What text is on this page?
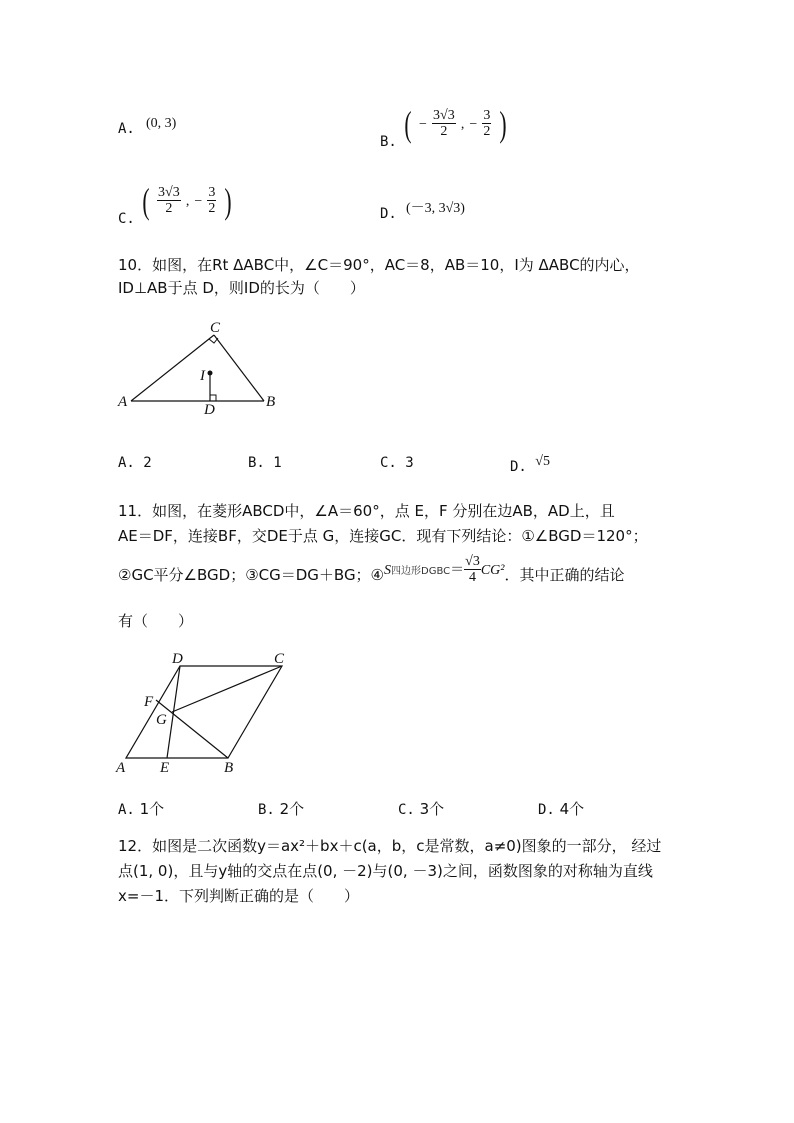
A. (0, 3)
B. ( − $\frac{3√3}{2}$ , − $\frac{3}{2}$ )
C. ( $\frac{3√3}{2}$ , − $\frac{3}{2}$ )	D. (－3, 3√3)
10．如图，在Rt ΔABC中，∠C＝90°，AC＝8，AB＝10，I为 ΔABC的内心，
ID⊥AB于点 D，则ID的长为（　　）
A	B
C
I
D
A. 2	B. 1	C. 3	D. √5
11．如图，在菱形ABCD中，∠A＝60°，点 E，F 分别在边AB，AD上，且
AE＝DF，连接BF，交DE于点 G，连接GC．现有下列结论：①∠BGD＝120°；
②GC平分∠BGD；③CG＝DG＋BG；$④S^{四边形DGBC}= \frac{√3}{4} CG^2$．其中正确的结论
有（　　）
A	B
C
D
E
F
G
A. 1个	B. 2个	C. 3个	D. 4个
12．如图是二次函数y＝ax²＋bx＋c(a，b，c是常数，a≠0)图象的一部分， 经过
点(1, 0)，且与y轴的交点在点(0, －2)与(0, －3)之间，函数图象的对称轴为直线
x=－1．下列判断正确的是（　　）
